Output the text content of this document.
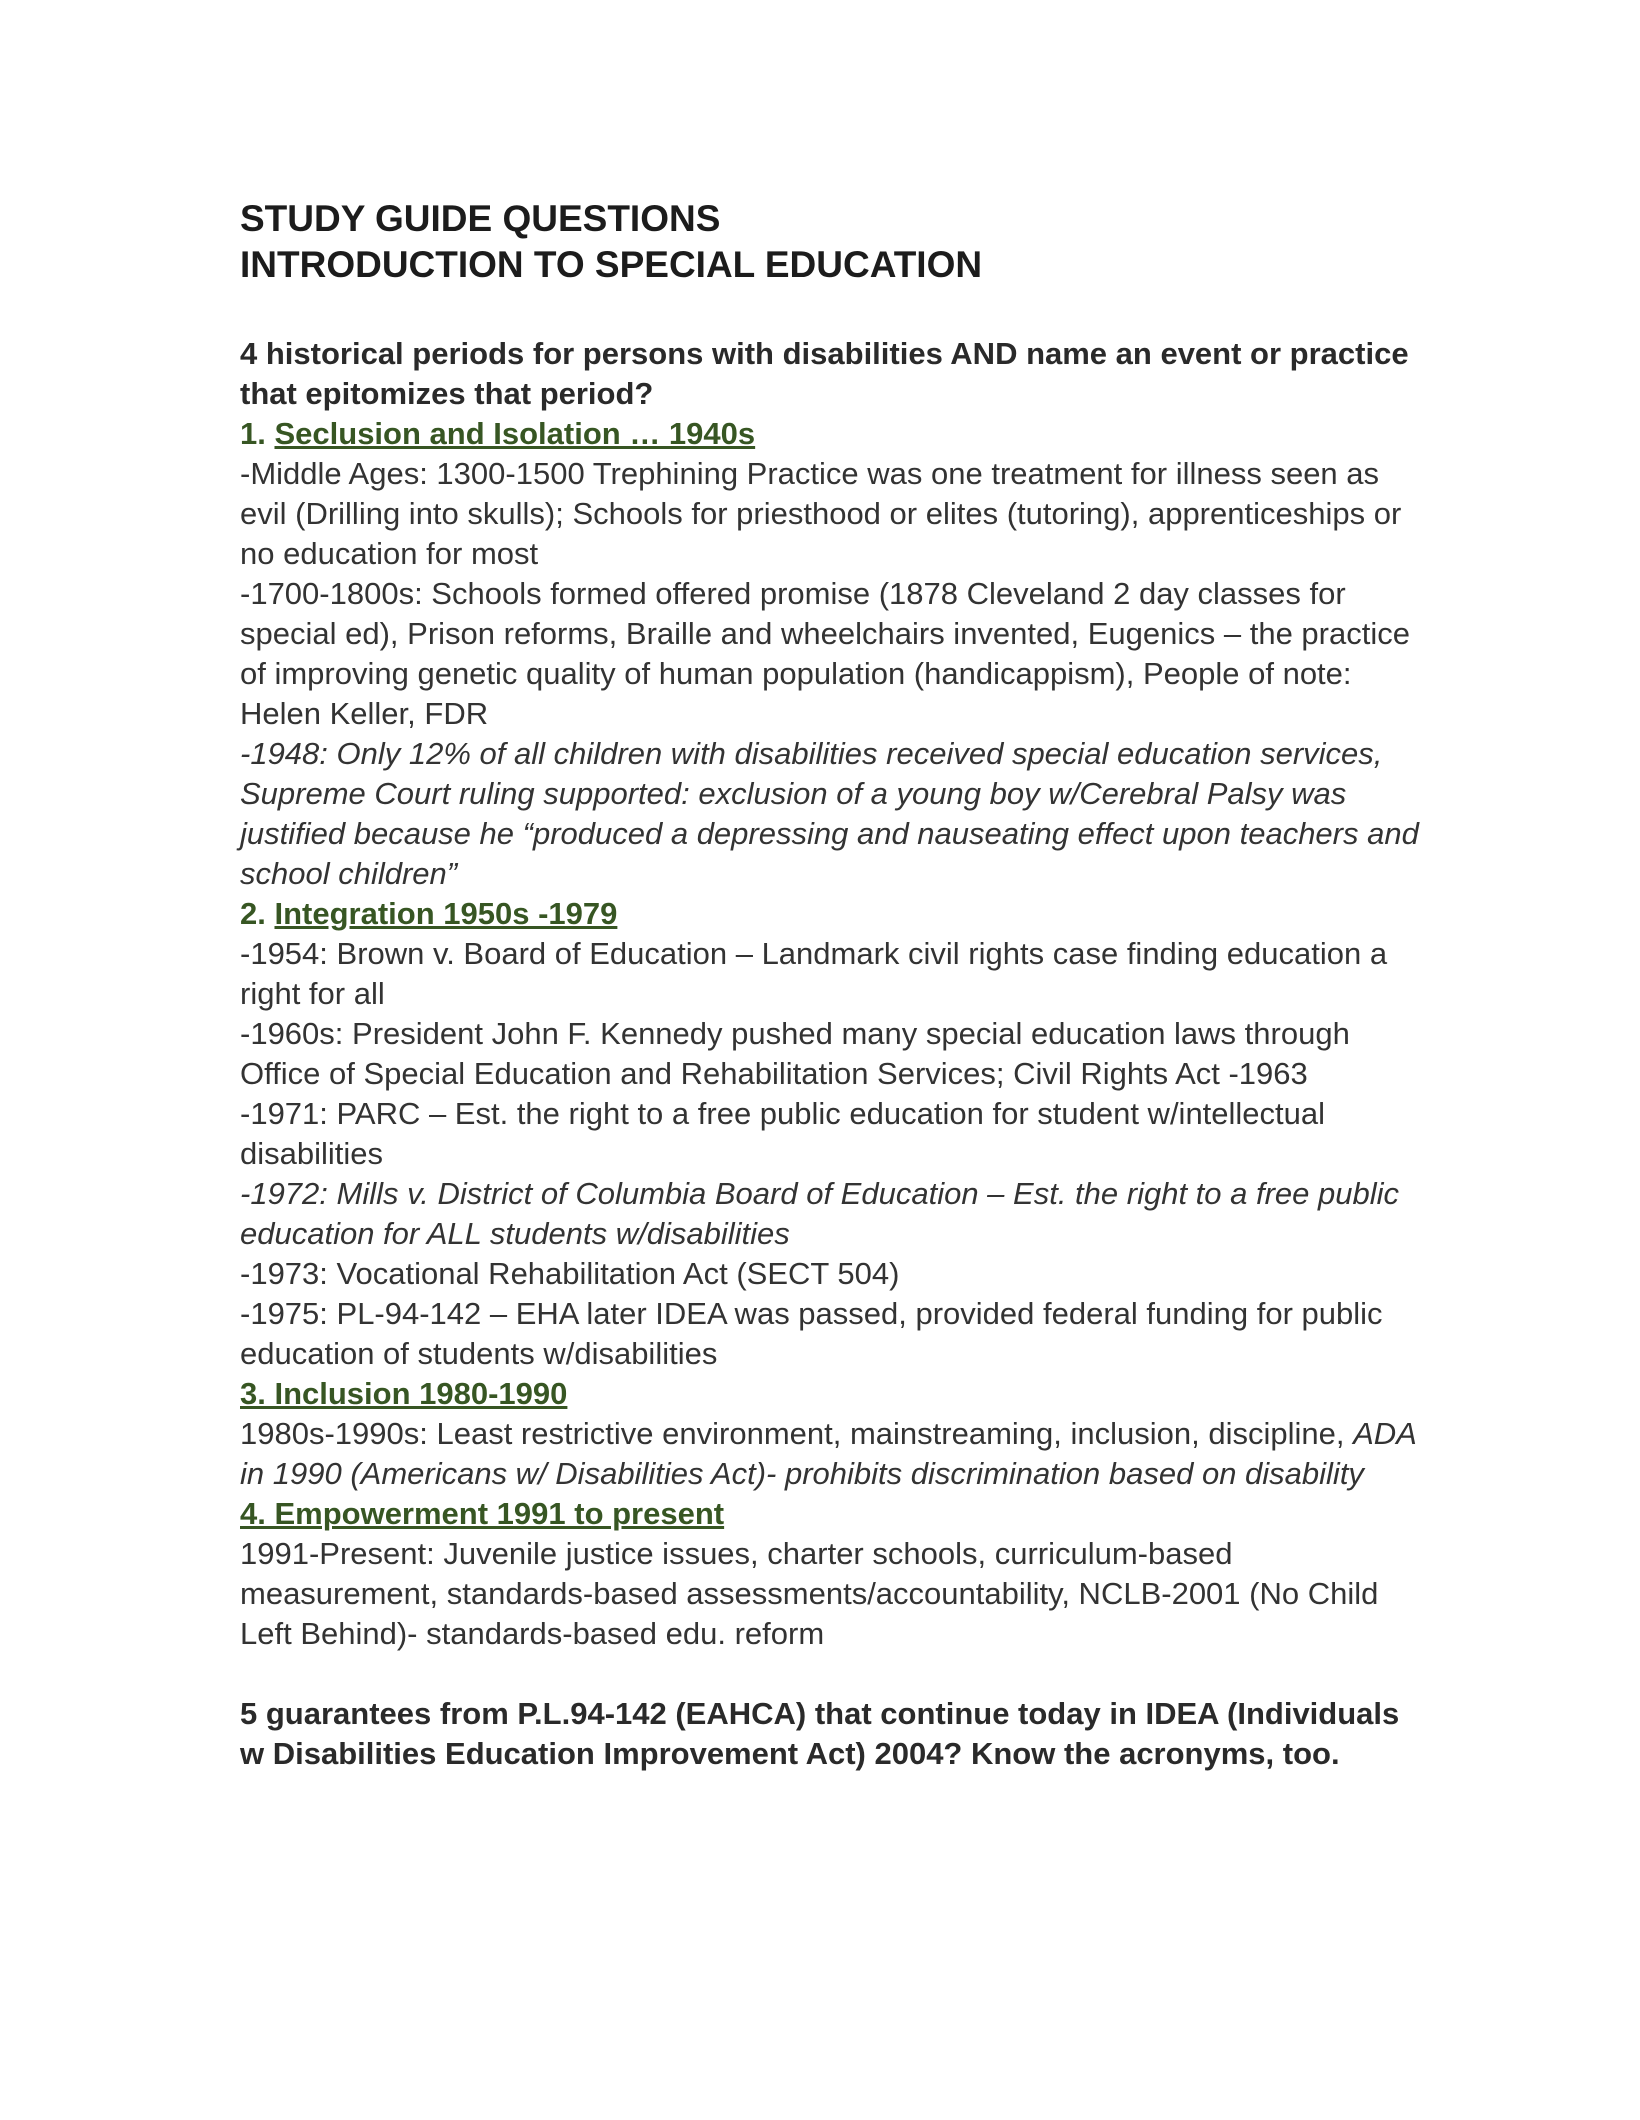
STUDY GUIDE QUESTIONS

INTRODUCTION TO SPECIAL EDUCATION

4 historical periods for persons with disabilities AND name an event or practice that epitomizes that period?

1. Seclusion and Isolation … 1940s

-Middle Ages: 1300-1500 Trephining Practice was one treatment for illness seen as evil (Drilling into skulls); Schools for priesthood or elites (tutoring), apprenticeships or no education for most

-1700-1800s: Schools formed offered promise (1878 Cleveland 2 day classes for special ed), Prison reforms, Braille and wheelchairs invented, Eugenics – the practice of improving genetic quality of human population (handicappism), People of note: Helen Keller, FDR

-1948: Only 12% of all children with disabilities received special education services, Supreme Court ruling supported: exclusion of a young boy w/Cerebral Palsy was justified because he “produced a depressing and nauseating effect upon teachers and school children”

2. Integration 1950s -1979

-1954: Brown v. Board of Education – Landmark civil rights case finding education a right for all

-1960s: President John F. Kennedy pushed many special education laws through Office of Special Education and Rehabilitation Services; Civil Rights Act -1963

-1971: PARC – Est. the right to a free public education for student w/intellectual disabilities

-1972: Mills v. District of Columbia Board of Education – Est. the right to a free public education for ALL students w/disabilities

-1973: Vocational Rehabilitation Act (SECT 504)

-1975: PL-94-142 – EHA later IDEA was passed, provided federal funding for public education of students w/disabilities

3. Inclusion 1980-1990

1980s-1990s: Least restrictive environment, mainstreaming, inclusion, discipline, ADA in 1990 (Americans w/ Disabilities Act)- prohibits discrimination based on disability

4. Empowerment 1991 to present

1991-Present: Juvenile justice issues, charter schools, curriculum-based measurement, standards-based assessments/accountability, NCLB-2001 (No Child Left Behind)- standards-based edu. reform

5 guarantees from P.L.94-142 (EAHCA) that continue today in IDEA (Individuals w Disabilities Education Improvement Act) 2004? Know the acronyms, too.
